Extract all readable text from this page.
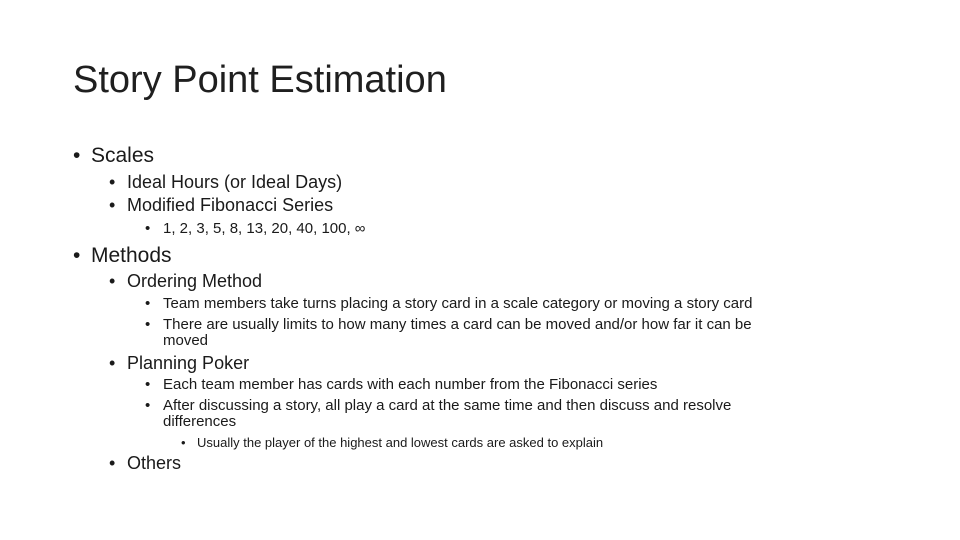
Story Point Estimation
• Scales
• Ideal Hours (or Ideal Days)
• Modified Fibonacci Series
• 1, 2, 3, 5, 8, 13, 20, 40, 100, ∞
• Methods
• Ordering Method
• Team members take turns placing a story card in a scale category or moving a story card
• There are usually limits to how many times a card can be moved and/or how far it can be
moved
• Planning Poker
• Each team member has cards with each number from the Fibonacci series
• After discussing a story, all play a card at the same time and then discuss and resolve
differences
• Usually the player of the highest and lowest cards are asked to explain
• Others
